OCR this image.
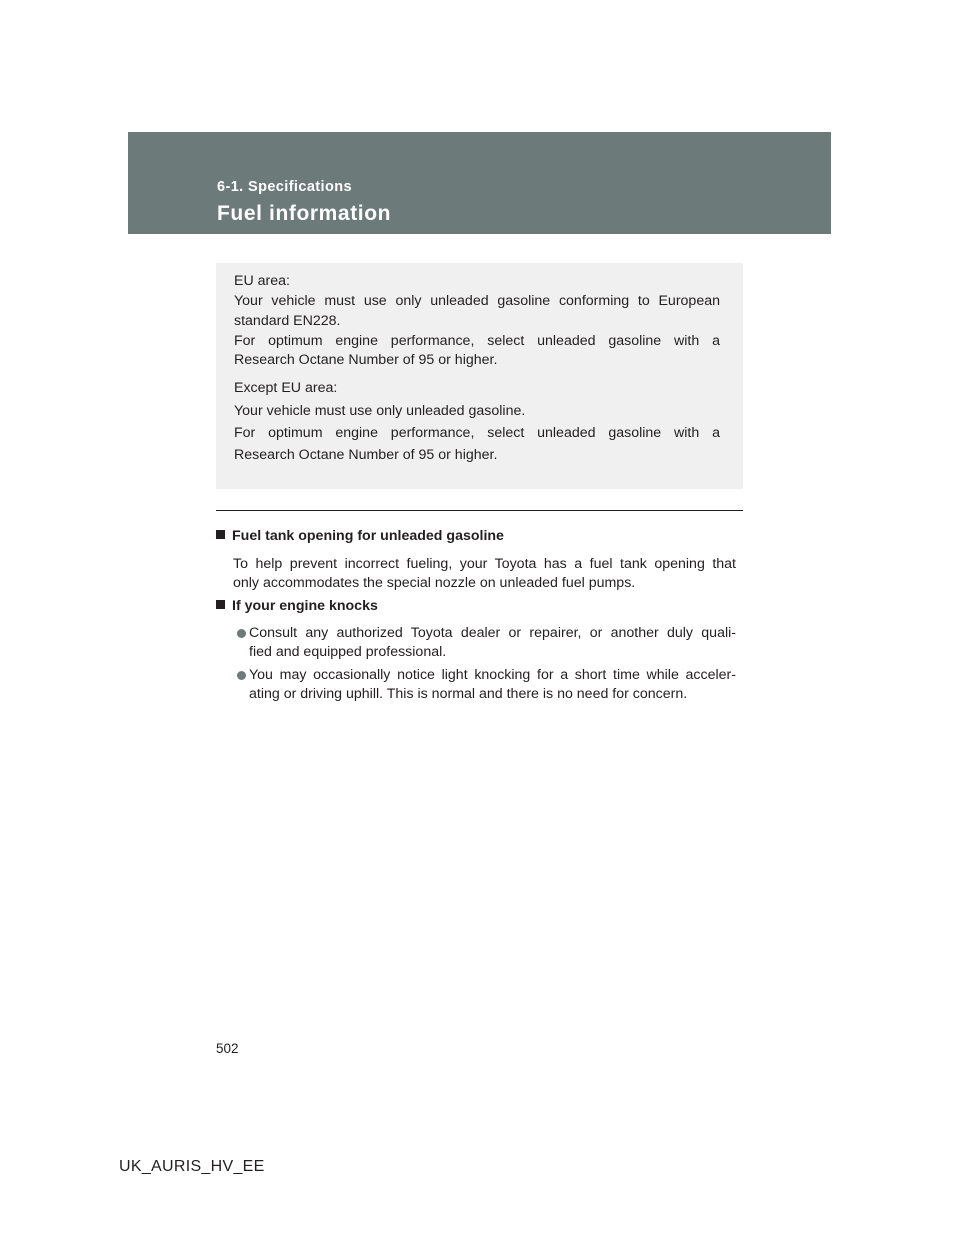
6-1. Specifications
Fuel information
EU area:
Your vehicle must use only unleaded gasoline conforming to European
standard EN228.
For optimum engine performance, select unleaded gasoline with a
Research Octane Number of 95 or higher.
Except EU area:
Your vehicle must use only unleaded gasoline.
For optimum engine performance, select unleaded gasoline with a
Research Octane Number of 95 or higher.
Fuel tank opening for unleaded gasoline
To help prevent incorrect fueling, your Toyota has a fuel tank opening that
only accommodates the special nozzle on unleaded fuel pumps.
If your engine knocks
Consult any authorized Toyota dealer or repairer, or another duly quali-
fied and equipped professional.
You may occasionally notice light knocking for a short time while acceler-
ating or driving uphill. This is normal and there is no need for concern.
502
UK_AURIS_HV_EE
